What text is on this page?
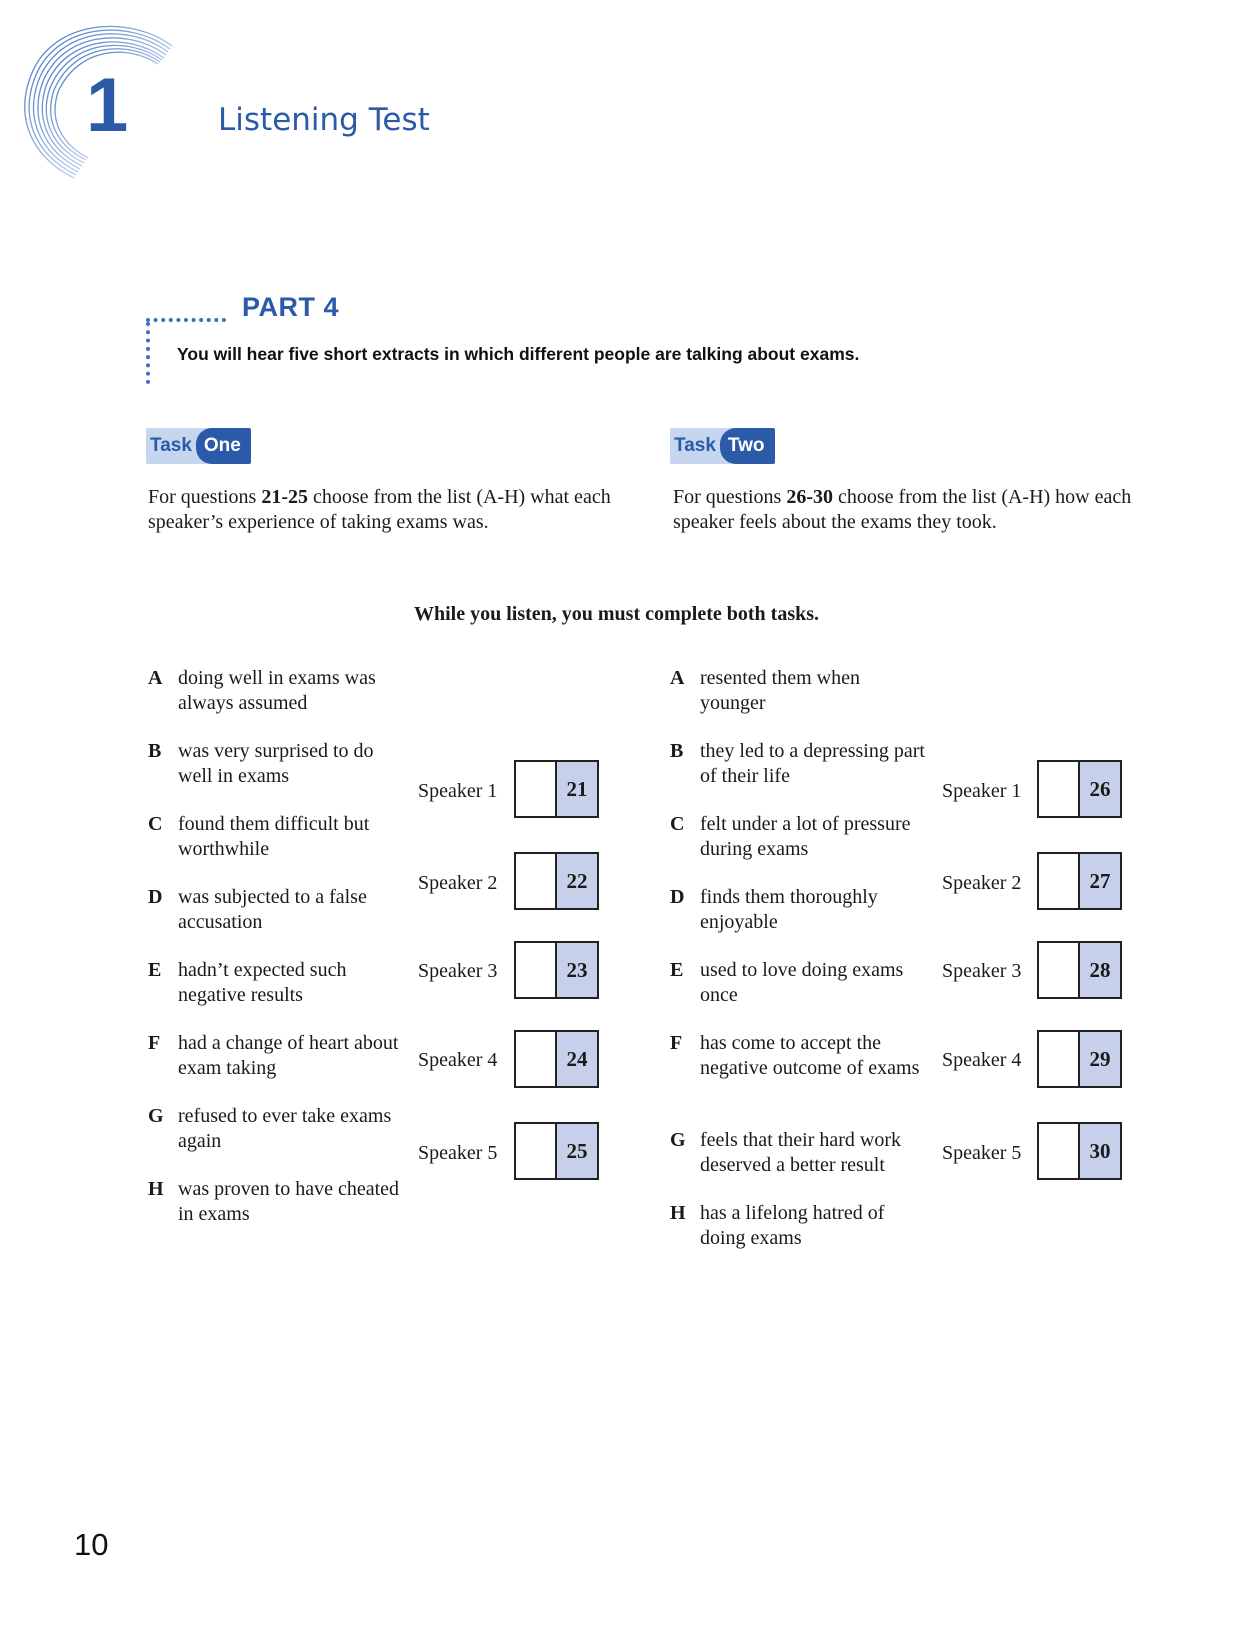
1	Listening Test
PART 4
You will hear five short extracts in which different people are talking about exams.
Task One	Task Two
For questions 21-25 choose from the list (A-H) what each speaker’s experience of taking exams was.
For questions 26-30 choose from the list (A-H) how each speaker feels about the exams they took.
While you listen, you must complete both tasks.
A doing well in exams was always assumed
B was very surprised to do well in exams
C found them difficult but worthwhile
D was subjected to a false accusation
E hadn’t expected such negative results
F had a change of heart about exam taking
G refused to ever take exams again
H was proven to have cheated in exams
Speaker 1	21
Speaker 2	22
Speaker 3	23
Speaker 4	24
Speaker 5	25
A resented them when younger
B they led to a depressing part of their life
C felt under a lot of pressure during exams
D finds them thoroughly enjoyable
E used to love doing exams once
F has come to accept the negative outcome of exams
G feels that their hard work deserved a better result
H has a lifelong hatred of doing exams
Speaker 1	26
Speaker 2	27
Speaker 3	28
Speaker 4	29
Speaker 5	30
10
